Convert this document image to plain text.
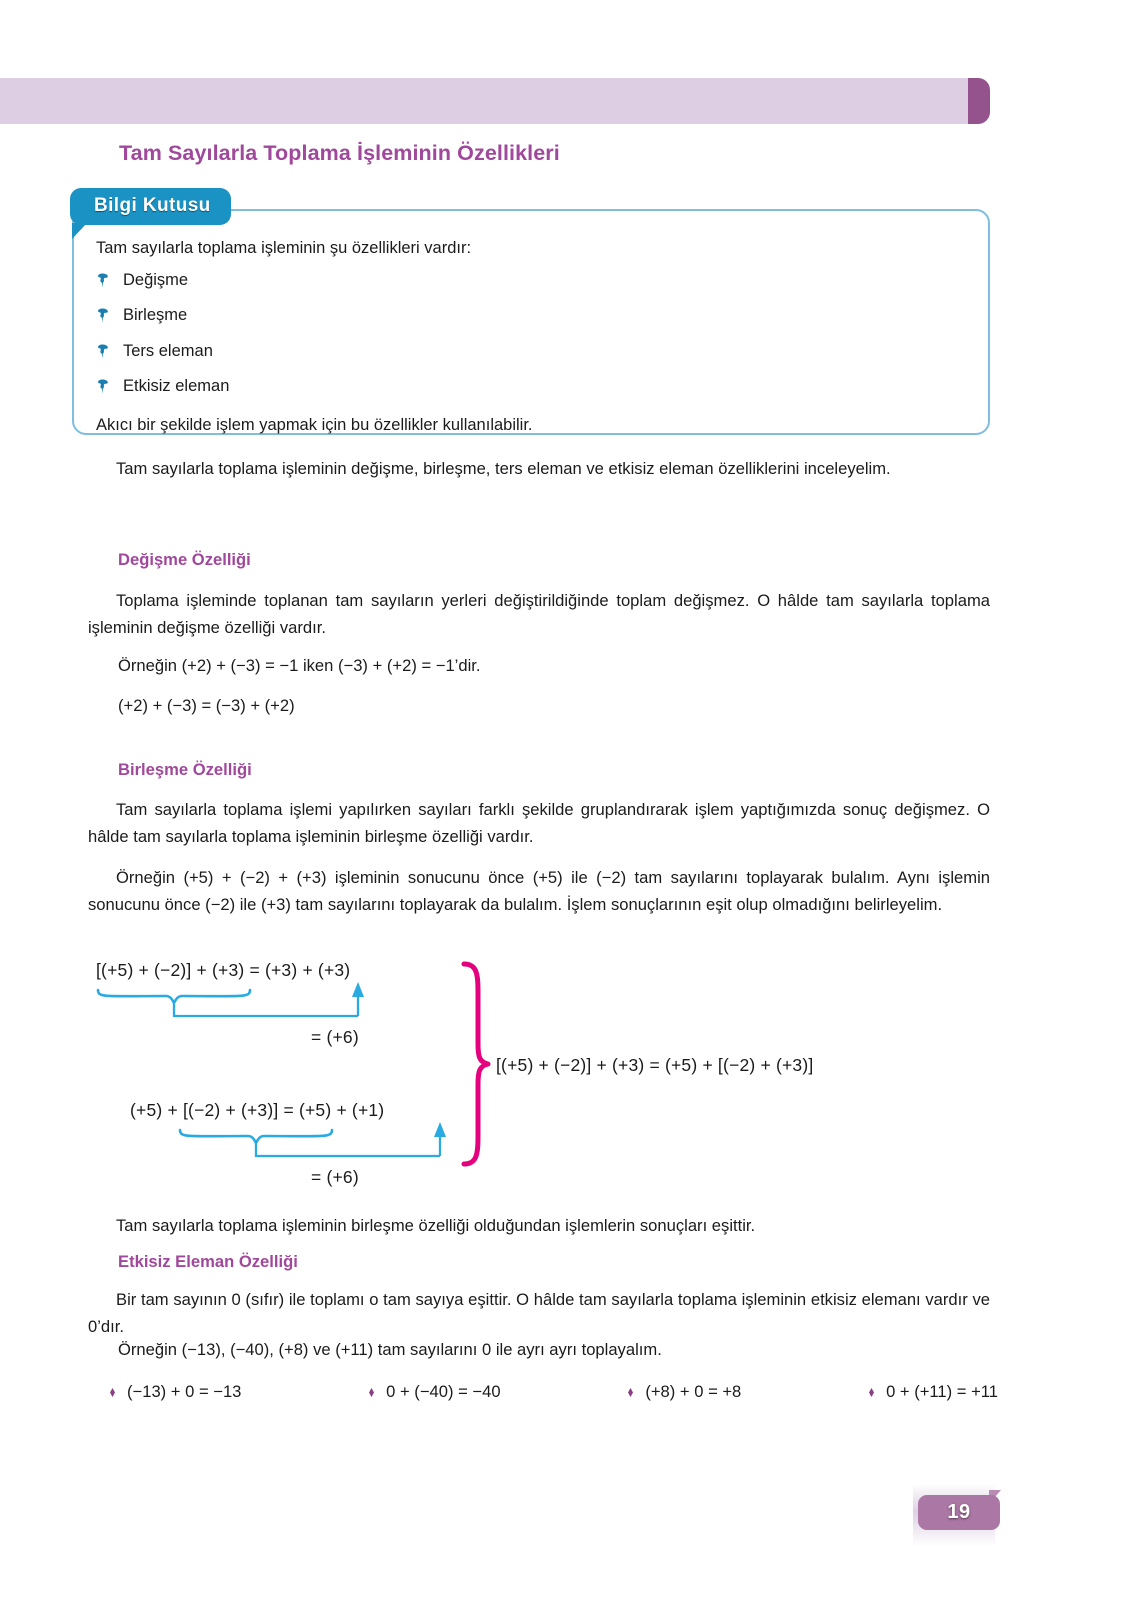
Tam Sayılarla Toplama İşleminin Özellikleri
Bilgi Kutusu
Tam sayılarla toplama işleminin şu özellikleri vardır:
Değişme
Birleşme
Ters eleman
Etkisiz eleman
Akıcı bir şekilde işlem yapmak için bu özellikler kullanılabilir.
Tam sayılarla toplama işleminin değişme, birleşme, ters eleman ve etkisiz eleman özelliklerini inceleyelim.
Değişme Özelliği
Toplama işleminde toplanan tam sayıların yerleri değiştirildiğinde toplam değişmez. O hâlde tam sayılarla toplama işleminin değişme özelliği vardır.
Örneğin (+2) + (−3) = −1 iken (−3) + (+2) = −1’dir.
(+2) + (−3) = (−3) + (+2)
Birleşme Özelliği
Tam sayılarla toplama işlemi yapılırken sayıları farklı şekilde gruplandırarak işlem yaptığımızda sonuç değişmez. O hâlde tam sayılarla toplama işleminin birleşme özelliği vardır.
Örneğin (+5) + (−2) + (+3) işleminin sonucunu önce (+5) ile (−2) tam sayılarını toplayarak bulalım. Aynı işlemin sonucunu önce (−2) ile (+3) tam sayılarını toplayarak da bulalım. İşlem sonuçlarının eşit olup olmadığını belirleyelim.
[(+5) + (−2)] + (+3) = (+3) + (+3)
= (+6)
(+5) + [(−2) + (+3)] = (+5) + (+1)
= (+6)
[(+5) + (−2)] + (+3) = (+5) + [(−2) + (+3)]
Tam sayılarla toplama işleminin birleşme özelliği olduğundan işlemlerin sonuçları eşittir.
Etkisiz Eleman Özelliği
Bir tam sayının 0 (sıfır) ile toplamı o tam sayıya eşittir. O hâlde tam sayılarla toplama işleminin etkisiz elemanı vardır ve 0’dır.
Örneğin (−13), (−40), (+8) ve (+11) tam sayılarını 0 ile ayrı ayrı toplayalım.
(−13) + 0 = −13	0 + (−40) = −40	(+8) + 0 = +8	0 + (+11) = +11
19
